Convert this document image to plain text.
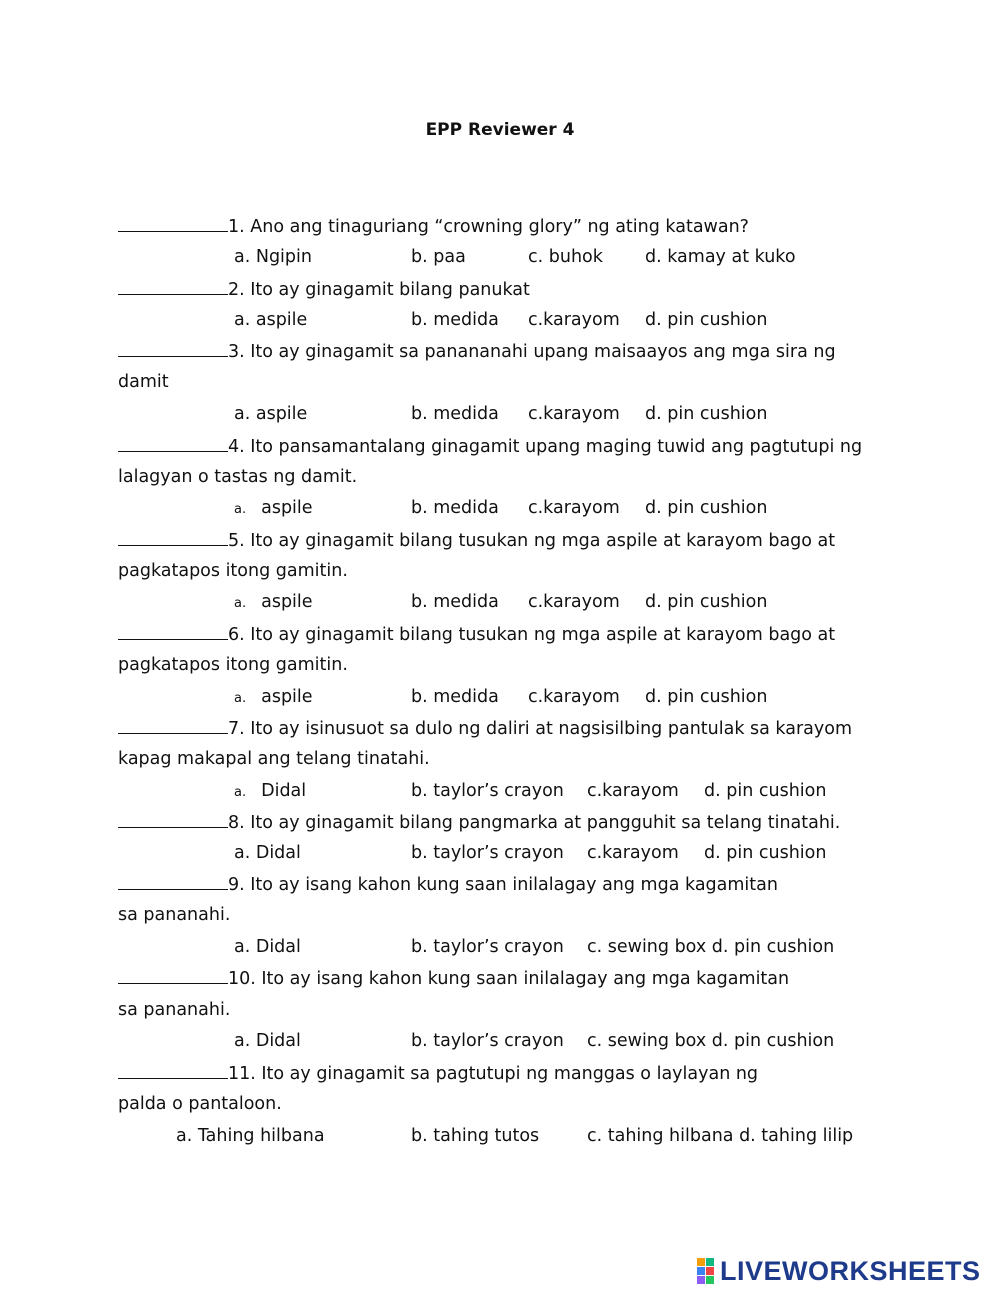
EPP Reviewer 4
1. Ano ang tinaguriang “crowning glory” ng ating katawan?
a. Ngipin	b. paa	c. buhok d. kamay at kuko
2. Ito ay ginagamit bilang panukat
a. aspile	b. medida c.karayom d. pin cushion
3. Ito ay ginagamit sa panananahi upang maisaayos ang mga sira ng
damit
a. aspile	b. medida c.karayom d. pin cushion
4. Ito pansamantalang ginagamit upang maging tuwid ang pagtutupi ng
lalagyan o tastas ng damit.
a. aspile	b. medida c.karayom d. pin cushion
5. Ito ay ginagamit bilang tusukan ng mga aspile at karayom bago at
pagkatapos itong gamitin.
a. aspile	b. medida c.karayom d. pin cushion
6. Ito ay ginagamit bilang tusukan ng mga aspile at karayom bago at
pagkatapos itong gamitin.
a. aspile	b. medida c.karayom d. pin cushion
7. Ito ay isinusuot sa dulo ng daliri at nagsisilbing pantulak sa karayom
kapag makapal ang telang tinatahi.
a. Didal	b. taylor’s crayon c.karayom d. pin cushion
8. Ito ay ginagamit bilang pangmarka at pangguhit sa telang tinatahi.
a. Didal	b. taylor’s crayon c.karayom d. pin cushion
9. Ito ay isang kahon kung saan inilalagay ang mga kagamitan
sa pananahi.
a. Didal	b. taylor’s crayon c. sewing box d. pin cushion
10. Ito ay isang kahon kung saan inilalagay ang mga kagamitan
sa pananahi.
a. Didal	b. taylor’s crayon c. sewing box d. pin cushion
11. Ito ay ginagamit sa pagtutupi ng manggas o laylayan ng
palda o pantaloon.
a. Tahing hilbana	b. tahing tutos	c. tahing hilbana d. tahing lilip
LIVEWORKSHEETS
